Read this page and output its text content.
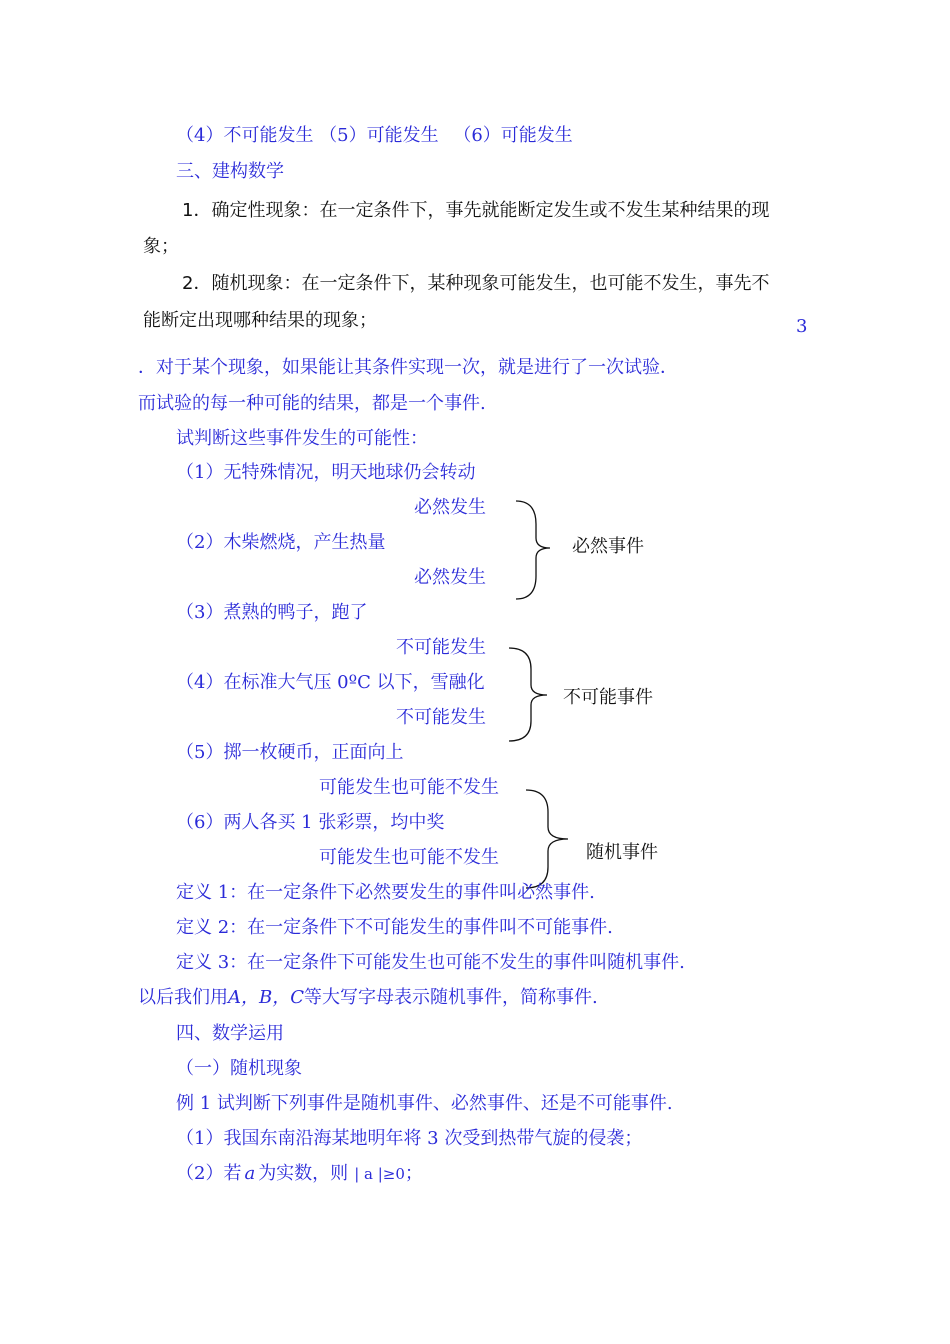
（4）不可能发生 （5）可能发生 　（6）可能发生
三、建构数学
1．确定性现象：在一定条件下，事先就能断定发生或不发生某种结果的现
象；
2．随机现象：在一定条件下，某种现象可能发生，也可能不发生，事先不
能断定出现哪种结果的现象；	3
．对于某个现象，如果能让其条件实现一次，就是进行了一次试验．
而试验的每一种可能的结果，都是一个事件.
试判断这些事件发生的可能性：
（1）无特殊情况，明天地球仍会转动
必然发生
（2）木柴燃烧，产生热量
必然发生
必然事件
（3）煮熟的鸭子，跑了
不可能发生
（4）在标准大气压 0ºC 以下，雪融化
不可能发生
不可能事件
（5）掷一枚硬币，正面向上
可能发生也可能不发生
（6）两人各买 1 张彩票，均中奖
可能发生也可能不发生	随机事件
定义 1：在一定条件下必然要发生的事件叫必然事件.
定义 2：在一定条件下不可能发生的事件叫不可能事件.
定义 3：在一定条件下可能发生也可能不发生的事件叫随机事件.
以后我们用A，B，C等大写字母表示随机事件，简称事件.
四、数学运用
（一）随机现象
例 1 试判断下列事件是随机事件、必然事件、还是不可能事件.
（1）我国东南沿海某地明年将 3 次受到热带气旋的侵袭；
（2）若 a 为实数，则 | a |≥0；
